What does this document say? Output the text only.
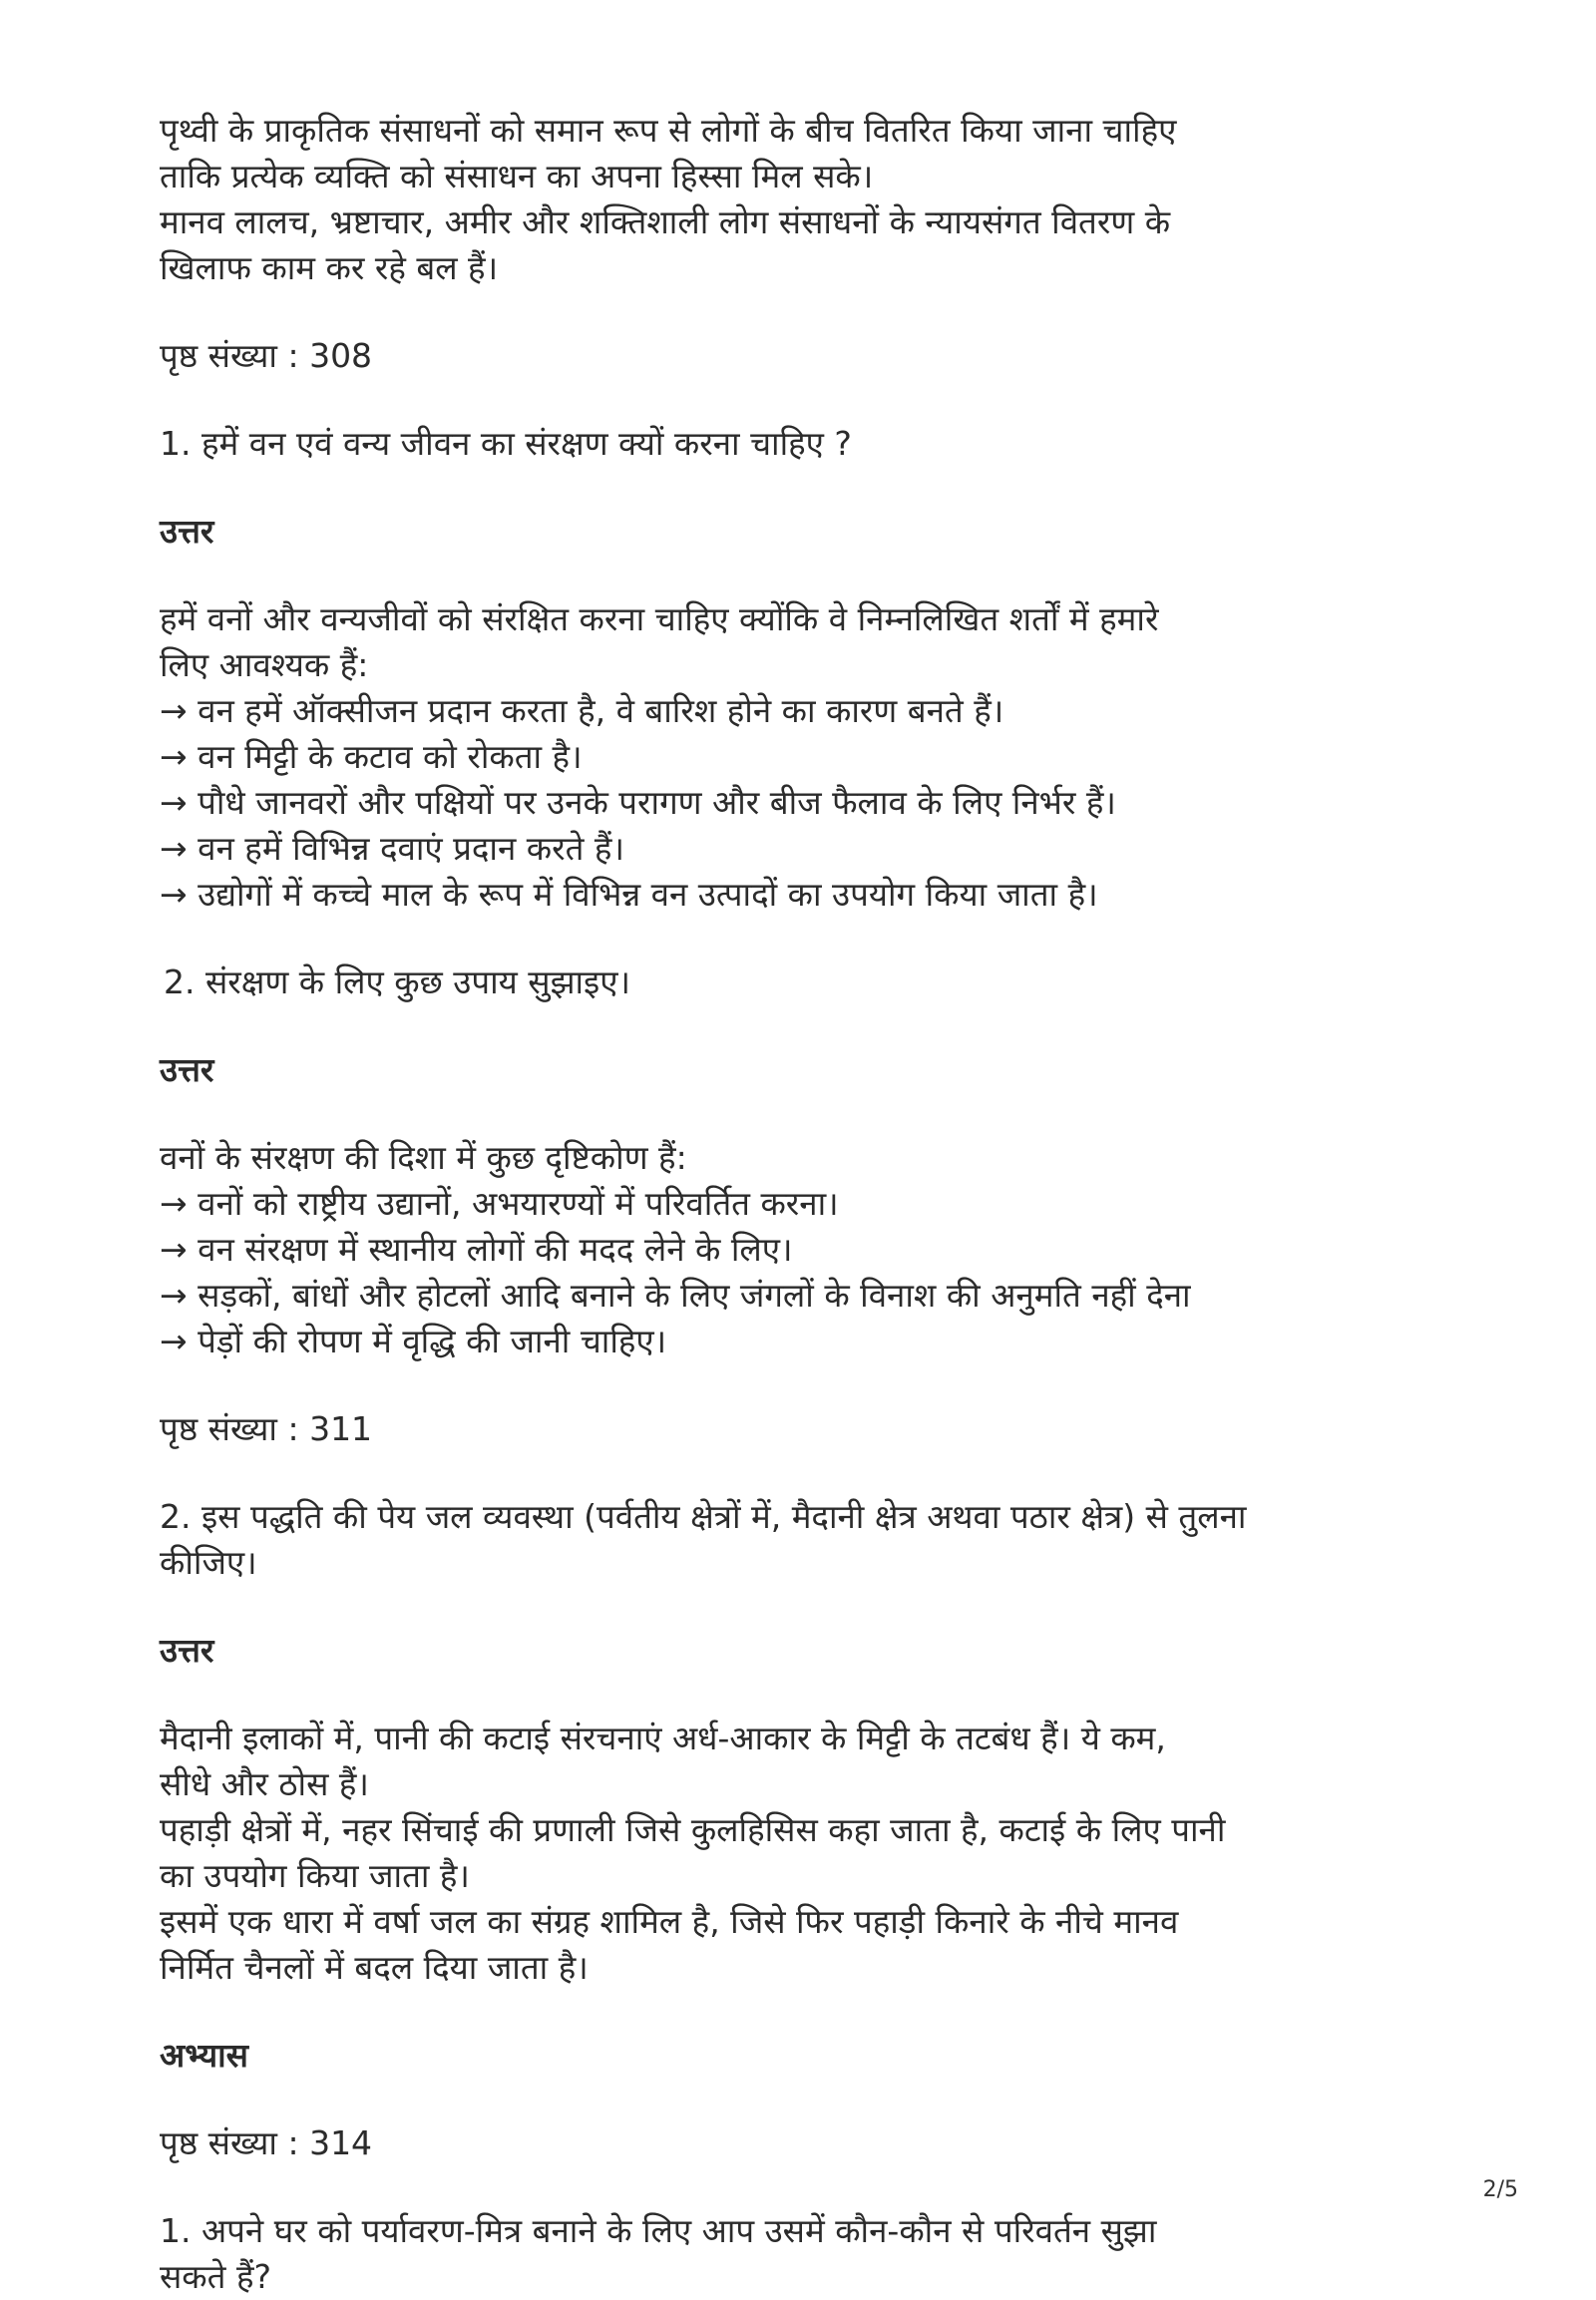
पृथ्वी के प्राकृतिक संसाधनों को समान रूप से लोगों के बीच वितरित किया जाना चाहिए
ताकि प्रत्येक व्यक्ति को संसाधन का अपना हिस्सा मिल सके।
मानव लालच, भ्रष्टाचार, अमीर और शक्तिशाली लोग संसाधनों के न्यायसंगत वितरण के
खिलाफ काम कर रहे बल हैं।

पृष्ठ संख्या : 308

1. हमें वन एवं वन्य जीवन का संरक्षण क्यों करना चाहिए ?

उत्तर

हमें वनों और वन्यजीवों को संरक्षित करना चाहिए क्योंकि वे निम्नलिखित शर्तों में हमारे
लिए आवश्यक हैं:
→ वन हमें ऑक्सीजन प्रदान करता है, वे बारिश होने का कारण बनते हैं।
→ वन मिट्टी के कटाव को रोकता है।
→ पौधे जानवरों और पक्षियों पर उनके परागण और बीज फैलाव के लिए निर्भर हैं।
→ वन हमें विभिन्न दवाएं प्रदान करते हैं।
→ उद्योगों में कच्चे माल के रूप में विभिन्न वन उत्पादों का उपयोग किया जाता है।

2. संरक्षण के लिए कुछ उपाय सुझाइए।

उत्तर

वनों के संरक्षण की दिशा में कुछ दृष्टिकोण हैं:
→ वनों को राष्ट्रीय उद्यानों, अभयारण्यों में परिवर्तित करना।
→ वन संरक्षण में स्थानीय लोगों की मदद लेने के लिए।
→ सड़कों, बांधों और होटलों आदि बनाने के लिए जंगलों के विनाश की अनुमति नहीं देना
→ पेड़ों की रोपण में वृद्धि की जानी चाहिए।

पृष्ठ संख्या : 311

2. इस पद्धति की पेय जल व्यवस्था (पर्वतीय क्षेत्रों में, मैदानी क्षेत्र अथवा पठार क्षेत्र) से तुलना
कीजिए।

उत्तर

मैदानी इलाकों में, पानी की कटाई संरचनाएं अर्ध-आकार के मिट्टी के तटबंध हैं। ये कम,
सीधे और ठोस हैं।
पहाड़ी क्षेत्रों में, नहर सिंचाई की प्रणाली जिसे कुलहिसिस कहा जाता है, कटाई के लिए पानी
का उपयोग किया जाता है।
इसमें एक धारा में वर्षा जल का संग्रह शामिल है, जिसे फिर पहाड़ी किनारे के नीचे मानव
निर्मित चैनलों में बदल दिया जाता है।

अभ्यास

पृष्ठ संख्या : 314

1. अपने घर को पर्यावरण-मित्र बनाने के लिए आप उसमें कौन-कौन से परिवर्तन सुझा
सकते हैं?
2/5
